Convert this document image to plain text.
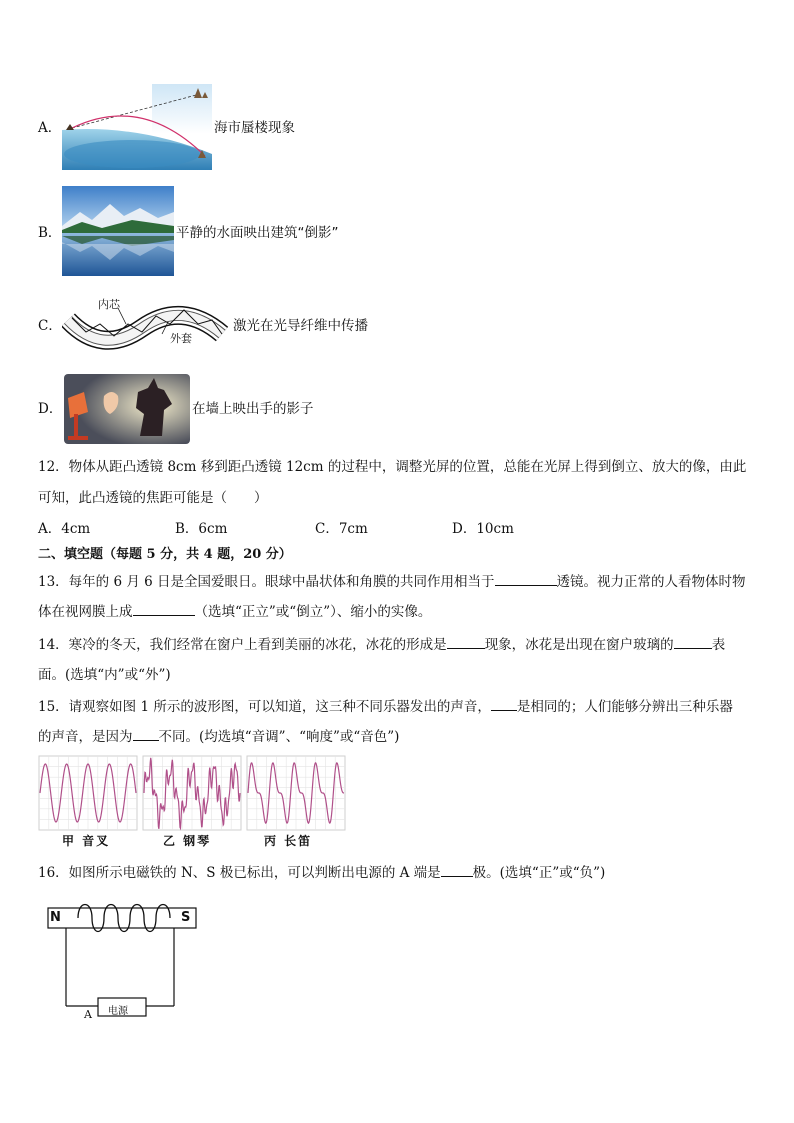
A．	海市蜃楼现象
B．	平静的水面映出建筑“倒影”
C．
内芯
外套
激光在光导纤维中传播
D．	在墙上映出手的影子
12．物体从距凸透镜 8cm 移到距凸透镜 12cm 的过程中，调整光屏的位置，总能在光屏上得到倒立、放大的像，由此
可知，此凸透镜的焦距可能是（　　）
A．4cm	B．6cm	C．7cm	D．10cm
二、填空题（每题 5 分，共 4 题，20 分）
13．每年的 6 月 6 日是全国爱眼日。眼球中晶状体和角膜的共同作用相当于	透镜。视力正常的人看物体时物
体在视网膜上成	（选填“正立”或“倒立”）、缩小的实像。
14．寒冷的冬天，我们经常在窗户上看到美丽的冰花，冰花的形成是	现象，冰花是出现在窗户玻璃的	表
面。(选填“内”或“外”)
15．请观察如图 1 所示的波形图，可以知道，这三种不同乐器发出的声音， 是相同的；人们能够分辨出三种乐器
的声音，是因为 不同。(均选填“音调”、“响度”或“音色”)
甲 音叉	乙 钢琴	丙 长笛
16．如图所示电磁铁的 N、S 极已标出，可以判断出电源的 A 端是 极。(选填“正”或“负”)
N	S
电源
A
